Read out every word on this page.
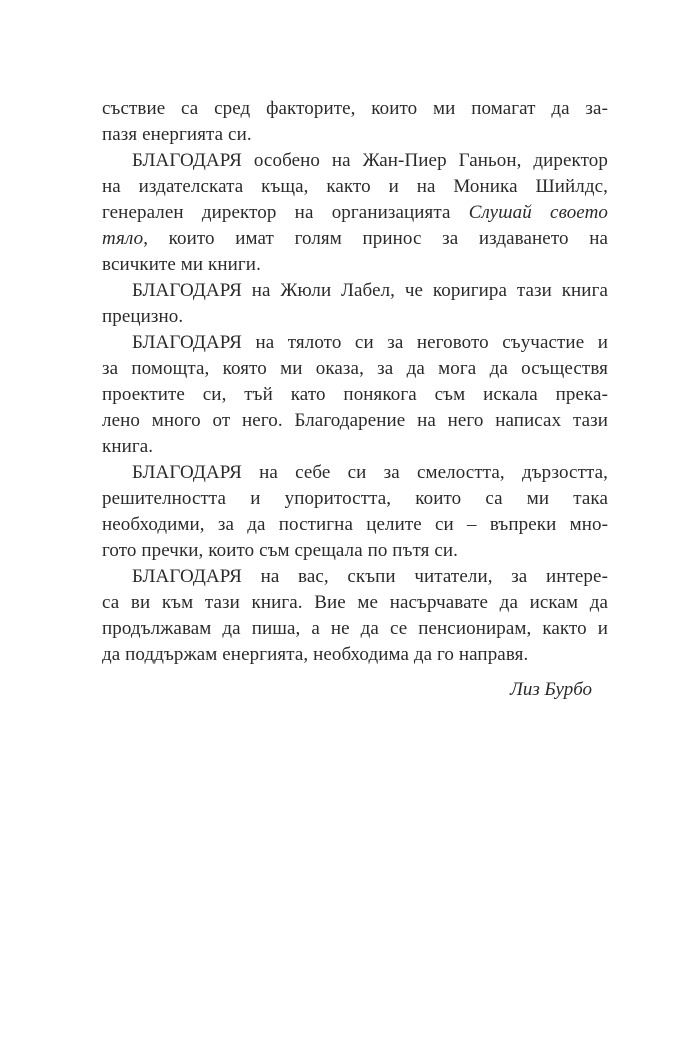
съствие са сред факторите, които ми помагат да за-
пазя енергията си.
БЛАГОДАРЯ особено на Жан-Пиер Ганьон, директор
на издателската къща, както и на Моника Шийлдс,
генерален директор на организацията Слушай своето
тяло, които имат голям принос за издаването на
всичките ми книги.
БЛАГОДАРЯ на Жюли Лабел, че коригира тази книга
прецизно.
БЛАГОДАРЯ на тялото си за неговото съучастие и
за помощта, която ми оказа, за да мога да осъществя
проектите си, тъй като понякога съм искала прека-
лено много от него. Благодарение на него написах тази
книга.
БЛАГОДАРЯ на себе си за смелостта, дързостта,
решителността и упоритостта, които са ми така
необходими, за да постигна целите си – въпреки мно-
гото пречки, които съм срещала по пътя си.
БЛАГОДАРЯ на вас, скъпи читатели, за интере-
са ви към тази книга. Вие ме насърчавате да искам да
продължавам да пиша, а не да се пенсионирам, както и
да поддържам енергията, необходима да го направя.
Лиз Бурбо
